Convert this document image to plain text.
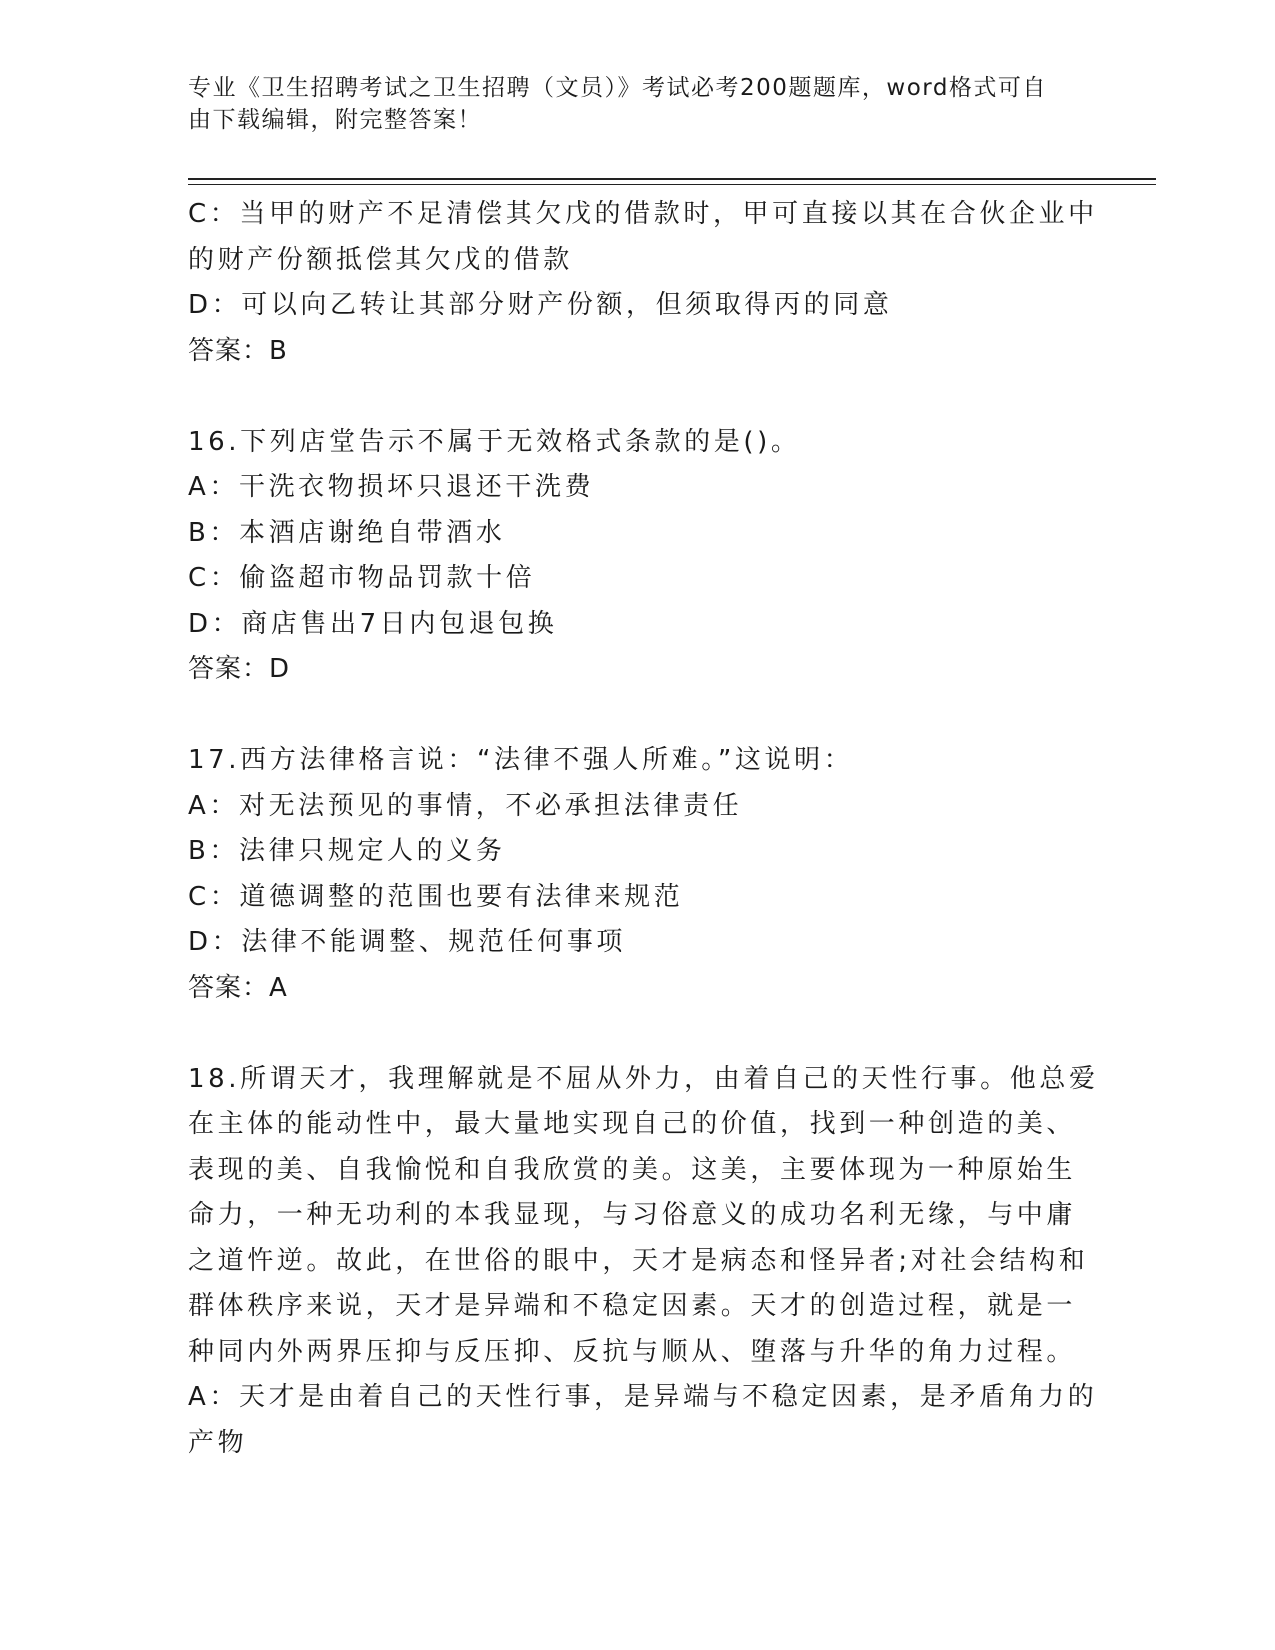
专业《卫生招聘考试之卫生招聘（文员）》考试必考200题题库，word格式可自
由下载编辑，附完整答案！
C：当甲的财产不足清偿其欠戊的借款时，甲可直接以其在合伙企业中
的财产份额抵偿其欠戊的借款
D：可以向乙转让其部分财产份额，但须取得丙的同意
答案：B
16.下列店堂告示不属于无效格式条款的是()。
A：干洗衣物损坏只退还干洗费
B：本酒店谢绝自带酒水
C：偷盗超市物品罚款十倍
D：商店售出7日内包退包换
答案：D
17.西方法律格言说：“法律不强人所难。”这说明：
A：对无法预见的事情，不必承担法律责任
B：法律只规定人的义务
C：道德调整的范围也要有法律来规范
D：法律不能调整、规范任何事项
答案：A
18.所谓天才，我理解就是不屈从外力，由着自己的天性行事。他总爱
在主体的能动性中，最大量地实现自己的价值，找到一种创造的美、
表现的美、自我愉悦和自我欣赏的美。这美，主要体现为一种原始生
命力，一种无功利的本我显现，与习俗意义的成功名利无缘，与中庸
之道忤逆。故此，在世俗的眼中，天才是病态和怪异者;对社会结构和
群体秩序来说，天才是异端和不稳定因素。天才的创造过程，就是一
种同内外两界压抑与反压抑、反抗与顺从、堕落与升华的角力过程。
A：天才是由着自己的天性行事，是异端与不稳定因素，是矛盾角力的
产物
